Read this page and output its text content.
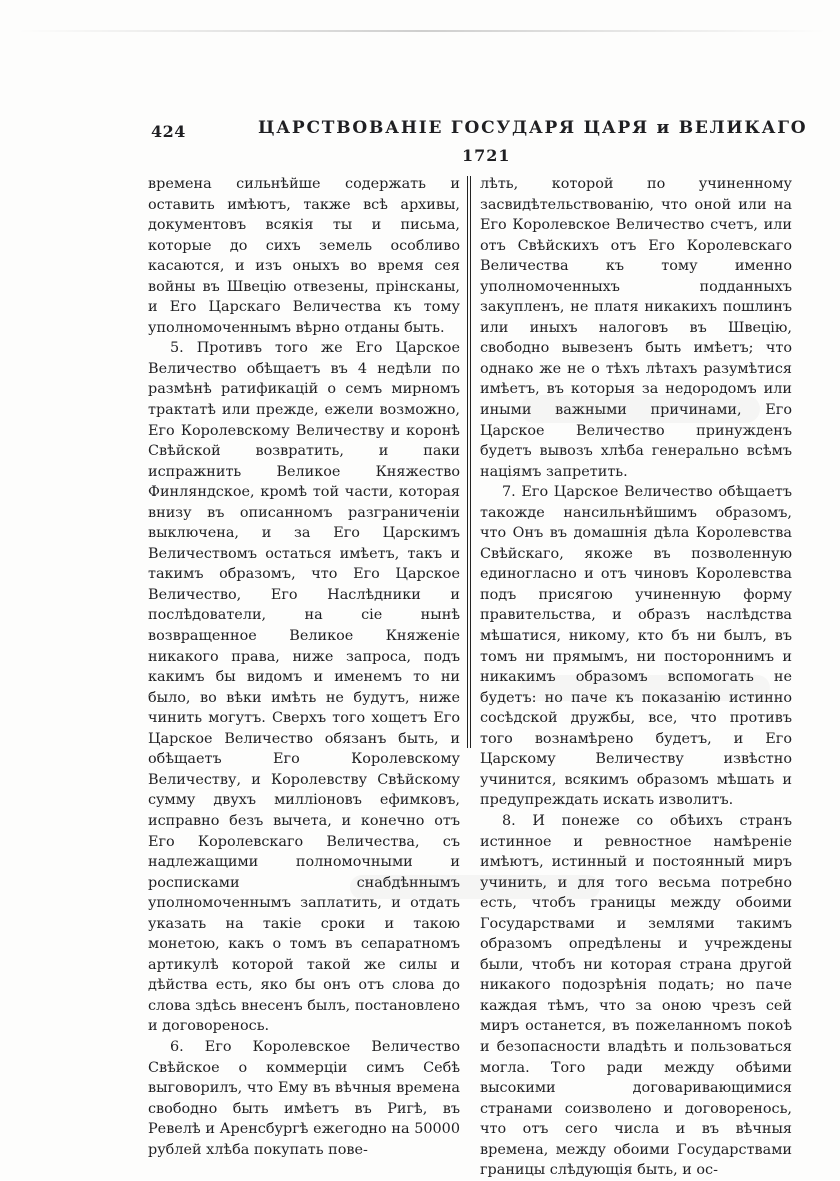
424	ЦАРСТВОВАНІЕ ГОСУДАРЯ ЦАРЯ и ВЕЛИКАГО
1721

времена сильнѣйше содержать и оставить имѣютъ, также всѣ архивы, документовъ всякія ты и письма, которые до сихъ земель особливо касаются, и изъ оныхъ во время сея войны въ Швецію отвезены, прінсканы, и Его Царскаго Величества къ тому уполномоченнымъ вѣрно отданы быть.

5. Противъ того же Его Царское Величество обѣщаетъ въ 4 недѣли по размѣнѣ ратификацій о семъ мирномъ трактатѣ или прежде, ежели возможно, Его Королевскому Величеству и коронѣ Свѣйской возвратить, и паки испражнить Великое Княжество Финляндское, кромѣ той части, которая внизу въ описанномъ разграниченіи выключена, и за Его Царскимъ Величествомъ остаться имѣетъ, такъ и такимъ образомъ, что Его Царское Величество, Его Наслѣдники и послѣдователи, на сіе нынѣ возвращенное Великое Княженіе никакого права, ниже запроса, подъ какимъ бы видомъ и именемъ то ни было, во вѣки имѣть не будутъ, ниже чинить могутъ. Сверхъ того хощетъ Его Царское Величество обязанъ быть, и обѣщаетъ Его Королевскому Величеству, и Королевству Свѣйскому сумму двухъ милліоновъ ефимковъ, исправно безъ вычета, и конечно отъ Его Королевскаго Величества, съ надлежащими полномочными и росписками снабдѣннымъ уполномоченнымъ заплатить, и отдать указать на такіе сроки и такою монетою, какъ о томъ въ сепаратномъ артикулѣ которой такой же силы и дѣйства есть, яко бы онъ отъ слова до слова здѣсь внесенъ былъ, постановлено и договоренось.

6. Его Королевское Величество Свѣйское о коммерціи симъ Себѣ выговорилъ, что Ему въ вѣчныя времена свободно быть имѣетъ въ Ригѣ, въ Ревелѣ и Аренсбургѣ ежегодно на 50000 рублей хлѣба покупать пове-

лѣть, которой по учиненному засвидѣтельствованію, что оной или на Его Королевское Величество счетъ, или отъ Свѣйскихъ отъ Его Королевскаго Величества къ тому именно уполномоченныхъ подданныхъ закупленъ, не платя никакихъ пошлинъ или иныхъ налоговъ въ Швецію, свободно вывезенъ быть имѣетъ; что однако же не о тѣхъ лѣтахъ разумѣтися имѣетъ, въ которыя за недородомъ или иными важными причинами, Его Царское Величество принужденъ будетъ вывозъ хлѣба генерально всѣмъ націямъ запретить.

7. Его Царское Величество обѣщаетъ такожде нансильнѣйшимъ образомъ, что Онъ въ домашнія дѣла Королевства Свѣйскаго, якоже въ позволенную единогласно и отъ чиновъ Королевства подъ присягою учиненную форму правительства, и образъ наслѣдства мѣшатися, никому, кто бъ ни былъ, въ томъ ни прямымъ, ни постороннимъ и никакимъ образомъ вспомогать не будетъ: но паче къ показанію истинно сосѣдской дружбы, все, что противъ того вознамѣрено будетъ, и Его Царскому Величеству извѣстно учинится, всякимъ образомъ мѣшать и предупреждать искать изволитъ.

8. И понеже со обѣихъ странъ истинное и ревностное намѣреніе имѣютъ, истинный и постоянный миръ учинить, и для того весьма потребно есть, чтобъ границы между обоими Государствами и землями такимъ образомъ опредѣлены и учреждены были, чтобъ ни которая страна другой никакого подозрѣнія подать; но паче каждая тѣмъ, что за оною чрезъ сей миръ останется, въ пожеланномъ покоѣ и безопасности владѣть и пользоваться могла. Того ради между обѣими высокими договаривающимися странами соизволено и договоренось, что отъ сего числа и въ вѣчныя времена, между обоими Государствами границы слѣдующія быть, и ос-
